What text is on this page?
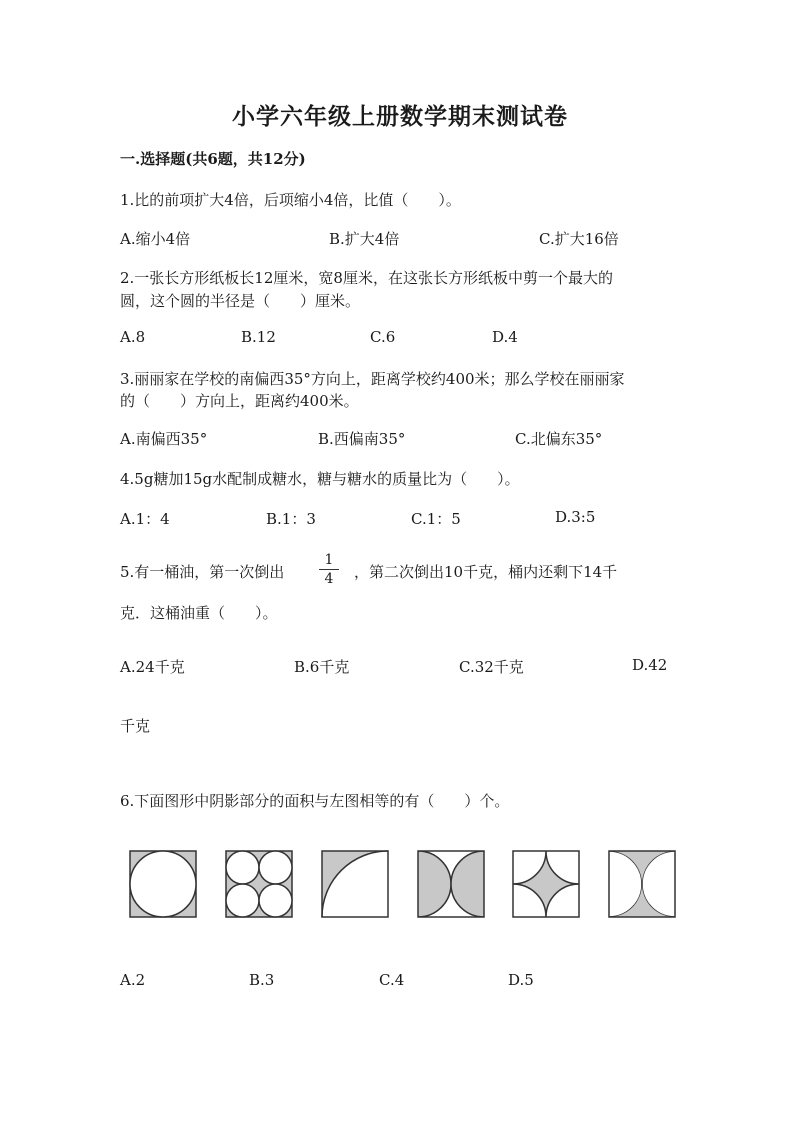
小学六年级上册数学期末测试卷
一.选择题(共6题，共12分)
1.比的前项扩大4倍，后项缩小4倍，比值（　　）。
A.缩小4倍	B.扩大4倍	C.扩大16倍
2.一张长方形纸板长12厘米，宽8厘米，在这张长方形纸板中剪一个最大的
圆，这个圆的半径是（　　）厘米。
A.8	B.12	C.6	D.4
3.丽丽家在学校的南偏西35°方向上，距离学校约400米；那么学校在丽丽家
的（　　）方向上，距离约400米。
A.南偏西35°	B.西偏南35°	C.北偏东35°
4.5g糖加15g水配制成糖水，糖与糖水的质量比为（　　）。
A.1：4	B.1：3	C.1：5	D.3:5
5.有一桶油，第一次倒出 $\frac{1}{4}$ ，第二次倒出10千克，桶内还剩下14千
克．这桶油重（　　）。
A.24千克	B.6千克	C.32千克	D.42
千克
6.下面图形中阴影部分的面积与左图相等的有（　　）个。
A.2	B.3	C.4	D.5
